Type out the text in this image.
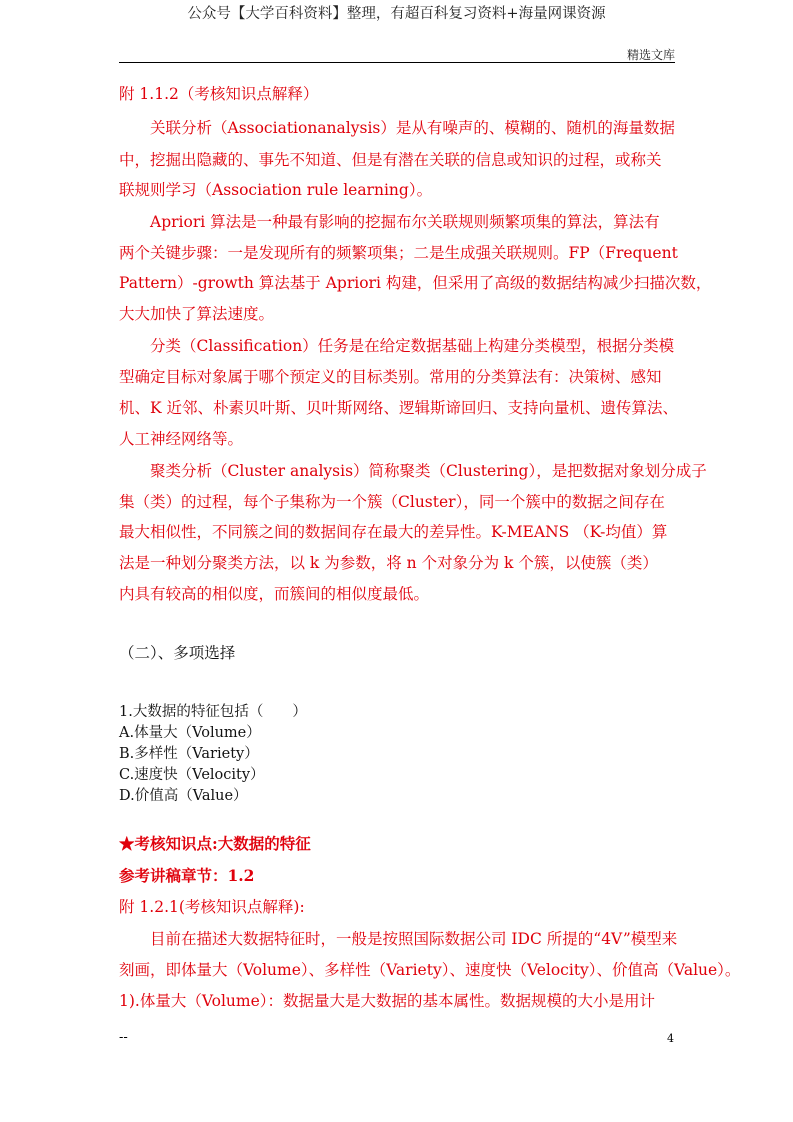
公众号【大学百科资料】整理，有超百科复习资料+海量网课资源
精选文库
附 1.1.2（考核知识点解释）
关联分析（Associationanalysis）是从有噪声的、模糊的、随机的海量数据
中，挖掘出隐藏的、事先不知道、但是有潜在关联的信息或知识的过程，或称关
联规则学习（Association rule learning）。
Apriori 算法是一种最有影响的挖掘布尔关联规则频繁项集的算法，算法有
两个关键步骤：一是发现所有的频繁项集；二是生成强关联规则。FP（Frequent
Pattern）-growth 算法基于 Apriori 构建，但采用了高级的数据结构减少扫描次数，
大大加快了算法速度。
分类（Classification）任务是在给定数据基础上构建分类模型，根据分类模
型确定目标对象属于哪个预定义的目标类别。常用的分类算法有：决策树、感知
机、K 近邻、朴素贝叶斯、贝叶斯网络、逻辑斯谛回归、支持向量机、遗传算法、
人工神经网络等。
聚类分析（Cluster analysis）简称聚类（Clustering），是把数据对象划分成子
集（类）的过程，每个子集称为一个簇（Cluster），同一个簇中的数据之间存在
最大相似性，不同簇之间的数据间存在最大的差异性。K-MEANS （K-均值）算
法是一种划分聚类方法，以 k 为参数，将 n 个对象分为 k 个簇，以使簇（类）
内具有较高的相似度，而簇间的相似度最低。
（二）、多项选择
1.大数据的特征包括（　　）
A.体量大（Volume）
B.多样性（Variety）
C.速度快（Velocity）
D.价值高（Value）
★考核知识点:大数据的特征
参考讲稿章节：1.2
附 1.2.1(考核知识点解释):
目前在描述大数据特征时，一般是按照国际数据公司 IDC 所提的“4V”模型来
刻画，即体量大（Volume）、多样性（Variety）、速度快（Velocity）、价值高（Value）。
1).体量大（Volume）：数据量大是大数据的基本属性。数据规模的大小是用计
--	4
